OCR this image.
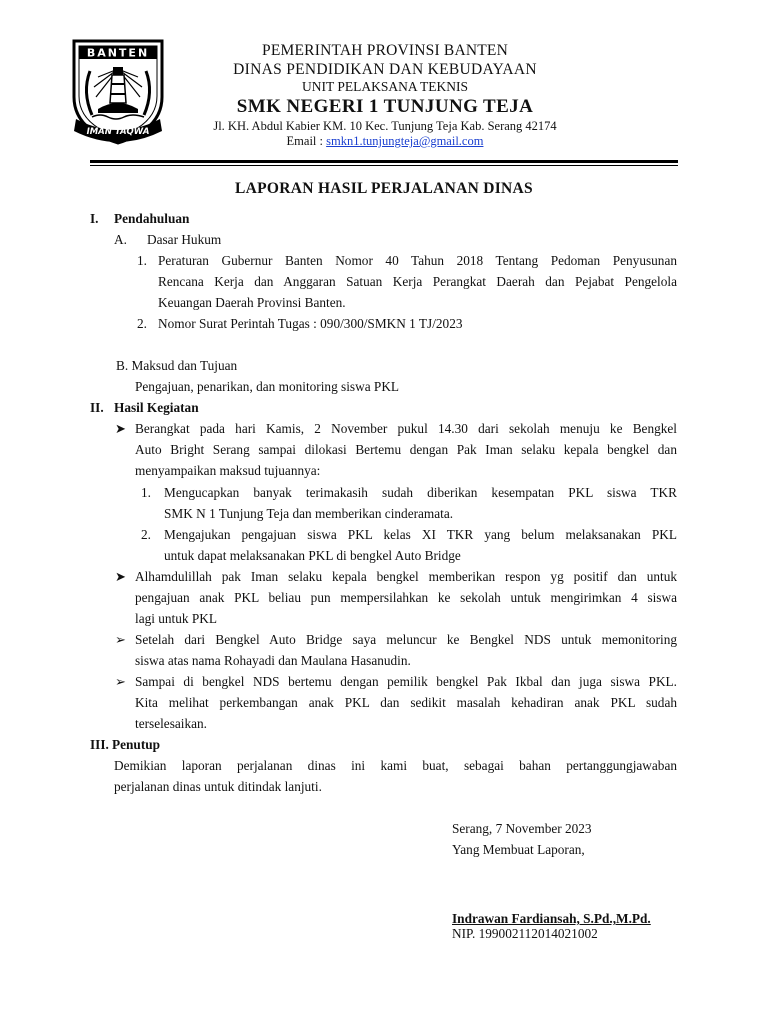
BANTEN
IMAN TAQWA
PEMERINTAH PROVINSI BANTEN
DINAS PENDIDIKAN DAN KEBUDAYAAN
UNIT PELAKSANA TEKNIS
SMK NEGERI 1 TUNJUNG TEJA
Jl. KH. Abdul Kabier KM. 10 Kec. Tunjung Teja Kab. Serang 42174
Email : smkn1.tunjungteja@gmail.com
LAPORAN HASIL PERJALANAN DINAS
I. Pendahuluan
A. Dasar Hukum
1. Peraturan Gubernur Banten Nomor 40 Tahun 2018 Tentang Pedoman Penyusunan
Rencana Kerja dan Anggaran Satuan Kerja Perangkat Daerah dan Pejabat Pengelola
Keuangan Daerah Provinsi Banten.
2. Nomor Surat Perintah Tugas : 090/300/SMKN 1 TJ/2023
B. Maksud dan Tujuan
Pengajuan, penarikan, dan monitoring siswa PKL
II. Hasil Kegiatan
➤ Berangkat pada hari Kamis, 2 November pukul 14.30 dari sekolah menuju ke Bengkel
Auto Bright Serang sampai dilokasi Bertemu dengan Pak Iman selaku kepala bengkel dan
menyampaikan maksud tujuannya:
1. Mengucapkan banyak terimakasih sudah diberikan kesempatan PKL siswa TKR
SMK N 1 Tunjung Teja dan memberikan cinderamata.
2. Mengajukan pengajuan siswa PKL kelas XI TKR yang belum melaksanakan PKL
untuk dapat melaksanakan PKL di bengkel Auto Bridge
➤ Alhamdulillah pak Iman selaku kepala bengkel memberikan respon yg positif dan untuk
pengajuan anak PKL beliau pun mempersilahkan ke sekolah untuk mengirimkan 4 siswa
lagi untuk PKL
➢ Setelah dari Bengkel Auto Bridge saya meluncur ke Bengkel NDS untuk memonitoring
siswa atas nama Rohayadi dan Maulana Hasanudin.
➢ Sampai di bengkel NDS bertemu dengan pemilik bengkel Pak Ikbal dan juga siswa PKL.
Kita melihat perkembangan anak PKL dan sedikit masalah kehadiran anak PKL sudah
terselesaikan.
III. Penutup
Demikian laporan perjalanan dinas ini kami buat, sebagai bahan pertanggungjawaban
perjalanan dinas untuk ditindak lanjuti.
Serang, 7 November 2023
Yang Membuat Laporan,
Indrawan Fardiansah, S.Pd.,M.Pd.
NIP. 199002112014021002
